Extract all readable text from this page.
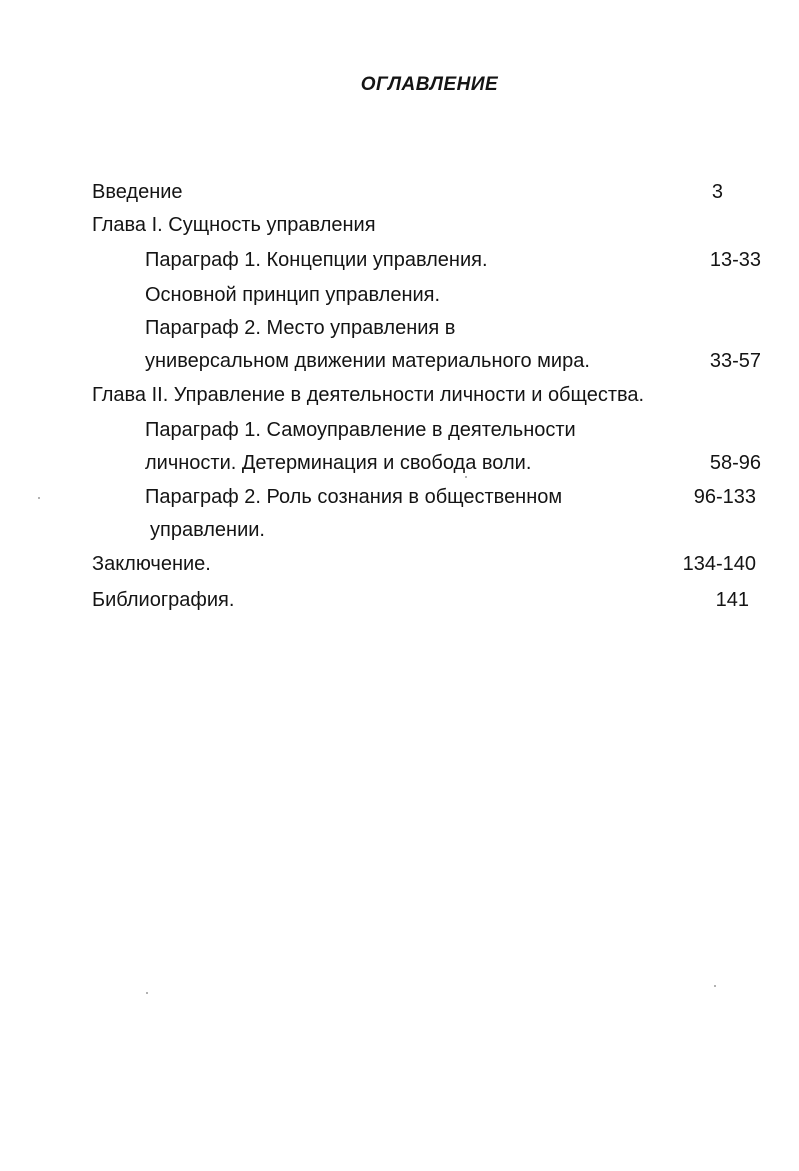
ОГЛАВЛЕНИЕ
Введение	3
Глава I. Сущность управления
Параграф 1. Концепции управления.	13-33
Основной принцип управления.
Параграф 2. Место управления в
универсальном движении материального мира.	33-57
Глава II. Управление в деятельности личности и общества.
Параграф 1. Самоуправление в деятельности
личности. Детерминация и свобода воли.	58-96
Параграф 2. Роль сознания в общественном	96-133
управлении.
Заключение.	134-140
Библиография.	141
